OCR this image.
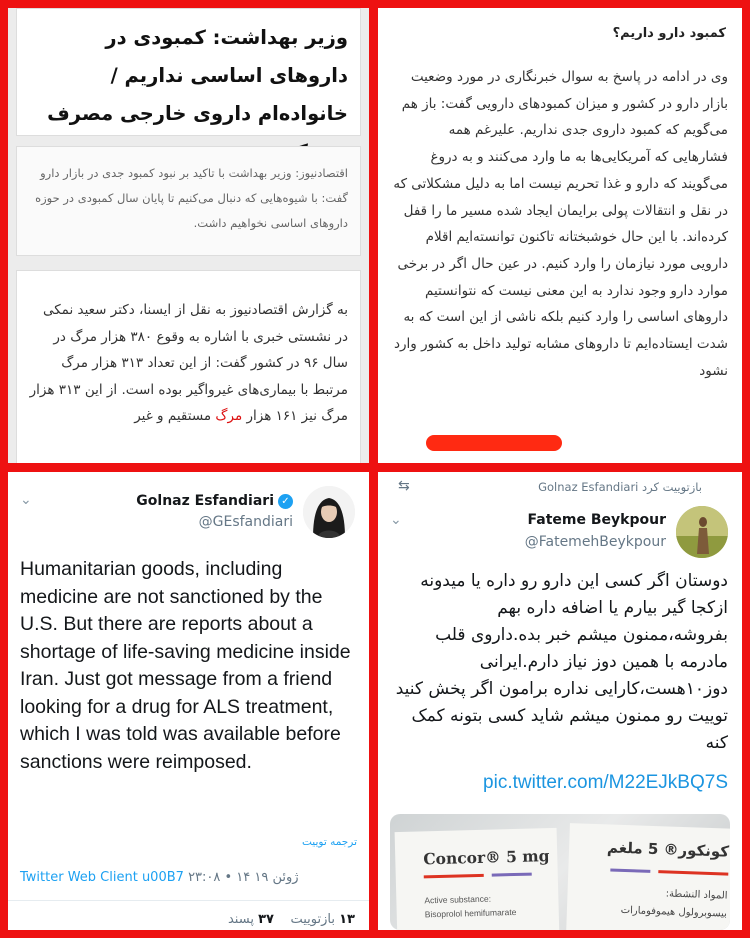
وزیر بهداشت: کمبودی در داروهای اساسی نداریم / خانواده‌ام داروی خارجی مصرف
اقتصادنیوز: وزیر بهداشت با تاکید بر نبود کمبود جدی در بازار دارو گفت: با شیوه‌هایی که دنبال می‌کنیم تا پایان سال کمبودی در حوزه داروهای اساسی نخواهیم داشت.
به گزارش اقتصادنیوز به نقل از ایسنا، دکتر سعید نمکی در نشستی خبری با اشاره به وقوع ۳۸۰ هزار مرگ در سال ۹۶ در کشور گفت: از این تعداد ۳۱۳ هزار مرگ مرتبط با بیماری‌های غیرواگیر بوده است. از این ۳۱۳ هزار مرگ نیز ۱۶۱ هزار مرگ مستقیم و غیر
کمبود دارو داریم؟
وی در ادامه در پاسخ به سوال خبرنگاری در مورد وضعیت بازار دارو در کشور و میزان کمبودهای دارویی گفت: باز هم می‌گویم که کمبود داروی جدی نداریم. علیرغم همه فشارهایی که آمریکایی‌ها به ما وارد می‌کنند و به دروغ می‌گویند که دارو و غذا تحریم نیست اما به دلیل مشکلاتی که در نقل و انتقالات پولی برایمان ایجاد شده مسیر ما را قفل کرده‌اند. با این حال خوشبختانه تاکنون توانسته‌ایم اقلام دارویی مورد نیازمان را وارد کنیم. در عین حال اگر در برخی موارد دارو وجود ندارد به این معنی نیست که نتوانستیم داروهای اساسی را وارد کنیم بلکه ناشی از این است که به شدت ایستاده‌ایم تا داروهای مشابه تولید داخل به کشور وارد نشود
⌄	Golnaz Esfandiari ✓
@GEsfandiari
Humanitarian goods, including medicine are not sanctioned by the U.S. But there are reports about a shortage of life-saving medicine inside Iran. Just got message from a friend looking for a drug for ALS treatment, which I was told was available before sanctions were reimposed.
ترجمه توییت
Twitter Web Client u00B7 ۲۳:۰۸ • ۱۴ ژوئن ۱۹
۱۳ بازتوییت    ۳۷ پسند
⇆	Golnaz Esfandiari بازتوییت کرد
⌄	Fateme Beykpour
@FatemehBeykpour
دوستان اگر کسی این دارو رو داره یا میدونه ازکجا گیر بیارم یا اضافه داره بهم بفروشه،ممنون میشم خبر بده.داروی قلب مادرمه با همین دوز نیاز دارم.ایرانی دوز۱۰هست،کارایی نداره برامون اگر پخش کنید توییت رو ممنون میشم شاید کسی بتونه کمک کنه
pic.twitter.com/M22EJkBQ7S
Concor® 5 mg
Active substance:
Bisoprolol hemifumarate
کونکور® 5 ملغم
المواد النشطة:
بيسوبرولول هيموفومارات
